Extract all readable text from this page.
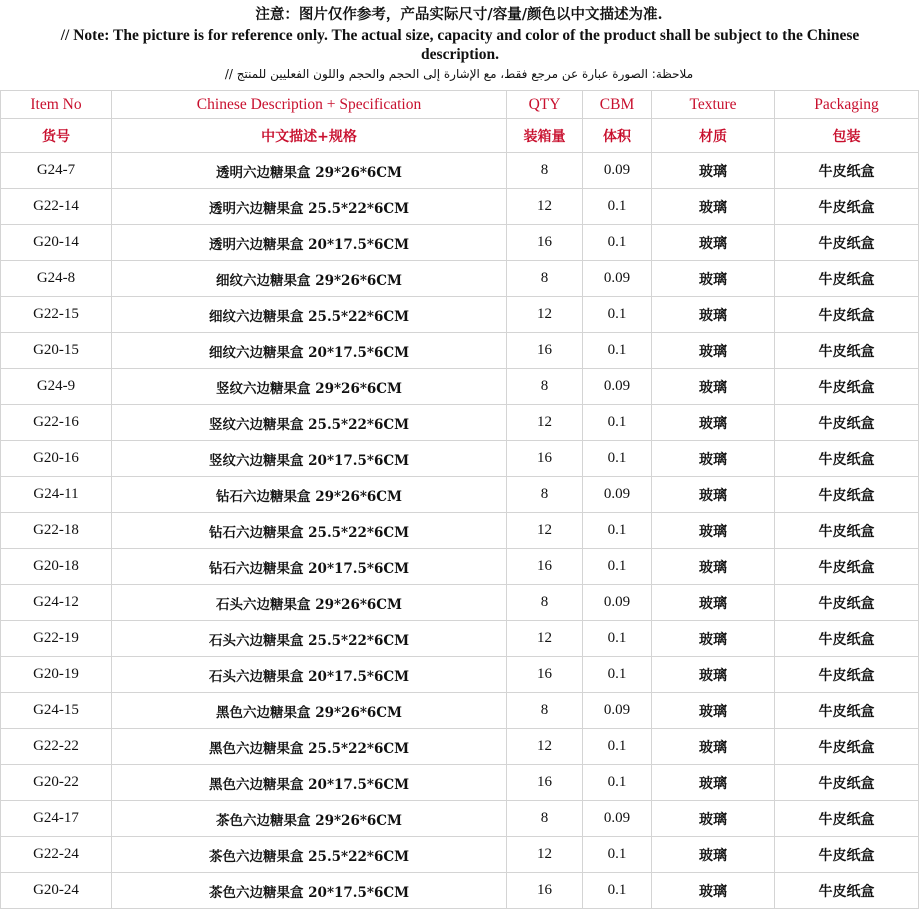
注意：图片仅作参考，产品实际尺寸/容量/颜色以中文描述为准.
// Note: The picture is for reference only. The actual size, capacity and color of the product shall be subject to the Chinese description.
ملاحظة: الصورة عبارة عن مرجع فقط، مع الإشارة إلى الحجم والحجم واللون الفعليين للمنتج //
Item No	Chinese Description + Specification	QTY	CBM	Texture	Packaging
货号	中文描述+规格	装箱量	体积	材质	包装
G24-7	透明六边糖果盒 29*26*6CM	8	0.09	玻璃	牛皮纸盒
G22-14	透明六边糖果盒 25.5*22*6CM	12	0.1	玻璃	牛皮纸盒
G20-14	透明六边糖果盒 20*17.5*6CM	16	0.1	玻璃	牛皮纸盒
G24-8	细纹六边糖果盒 29*26*6CM	8	0.09	玻璃	牛皮纸盒
G22-15	细纹六边糖果盒 25.5*22*6CM	12	0.1	玻璃	牛皮纸盒
G20-15	细纹六边糖果盒 20*17.5*6CM	16	0.1	玻璃	牛皮纸盒
G24-9	竖纹六边糖果盒 29*26*6CM	8	0.09	玻璃	牛皮纸盒
G22-16	竖纹六边糖果盒 25.5*22*6CM	12	0.1	玻璃	牛皮纸盒
G20-16	竖纹六边糖果盒 20*17.5*6CM	16	0.1	玻璃	牛皮纸盒
G24-11	钻石六边糖果盒 29*26*6CM	8	0.09	玻璃	牛皮纸盒
G22-18	钻石六边糖果盒 25.5*22*6CM	12	0.1	玻璃	牛皮纸盒
G20-18	钻石六边糖果盒 20*17.5*6CM	16	0.1	玻璃	牛皮纸盒
G24-12	石头六边糖果盒 29*26*6CM	8	0.09	玻璃	牛皮纸盒
G22-19	石头六边糖果盒 25.5*22*6CM	12	0.1	玻璃	牛皮纸盒
G20-19	石头六边糖果盒 20*17.5*6CM	16	0.1	玻璃	牛皮纸盒
G24-15	黑色六边糖果盒 29*26*6CM	8	0.09	玻璃	牛皮纸盒
G22-22	黑色六边糖果盒 25.5*22*6CM	12	0.1	玻璃	牛皮纸盒
G20-22	黑色六边糖果盒 20*17.5*6CM	16	0.1	玻璃	牛皮纸盒
G24-17	茶色六边糖果盒 29*26*6CM	8	0.09	玻璃	牛皮纸盒
G22-24	茶色六边糖果盒 25.5*22*6CM	12	0.1	玻璃	牛皮纸盒
G20-24	茶色六边糖果盒 20*17.5*6CM	16	0.1	玻璃	牛皮纸盒
